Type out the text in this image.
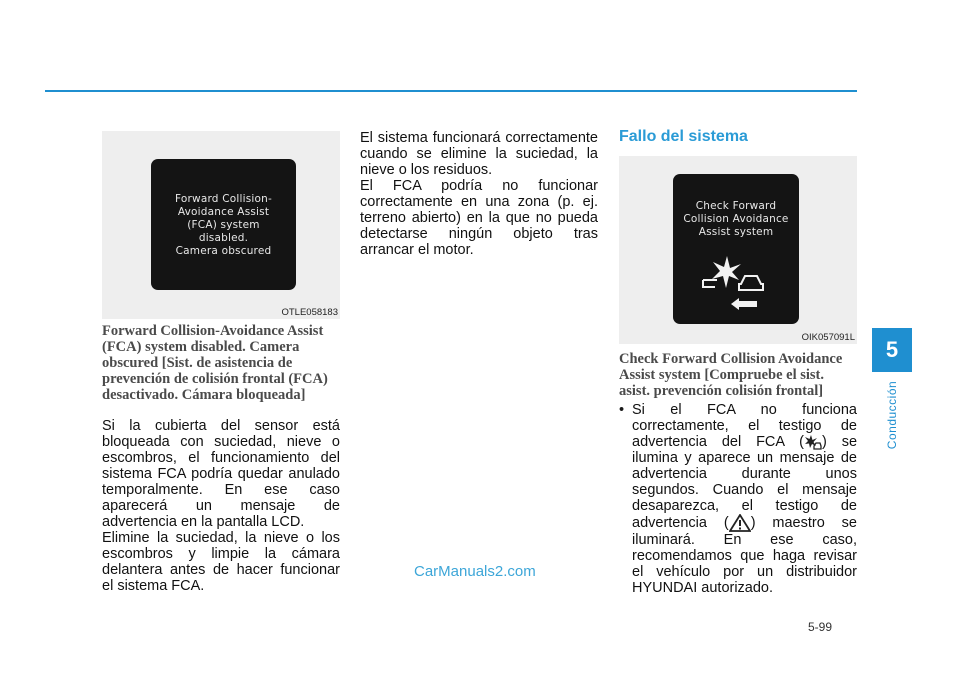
Forward Collision-
Avoidance Assist
(FCA) system
disabled.
Camera obscured
OTLE058183

Forward Collision-Avoidance Assist (FCA) system disabled. Camera obscured [Sist. de asistencia de prevención de colisión frontal (FCA) desactivado. Cámara bloqueada]

Si la cubierta del sensor está bloqueada con suciedad, nieve o escombros, el funcionamiento del sistema FCA podría quedar anulado temporalmente. En ese caso aparecerá un mensaje de advertencia en la pantalla LCD.

Elimine la suciedad, la nieve o los escombros y limpie la cámara delantera antes de hacer funcionar el sistema FCA.

El sistema funcionará correctamente cuando se elimine la suciedad, la nieve o los residuos.

El FCA podría no funcionar correctamente en una zona (p. ej. terreno abierto) en la que no pueda detectarse ningún objeto tras arrancar el motor.

Fallo del sistema
Check Forward
Collision Avoidance
Assist system
OIK057091L

Check Forward Collision Avoidance Assist system [Compruebe el sist. asist. prevención colisión frontal]

• Si el FCA no funciona correctamente, el testigo de advertencia del FCA ( ) se ilumina y aparece un mensaje de advertencia durante unos segundos. Cuando el mensaje desaparezca, el testigo de advertencia ( ) maestro se iluminará. En ese caso, recomendamos que haga revisar el vehículo por un distribuidor HYUNDAI autorizado.

5
Conducción
5-99
CarManuals2.com
